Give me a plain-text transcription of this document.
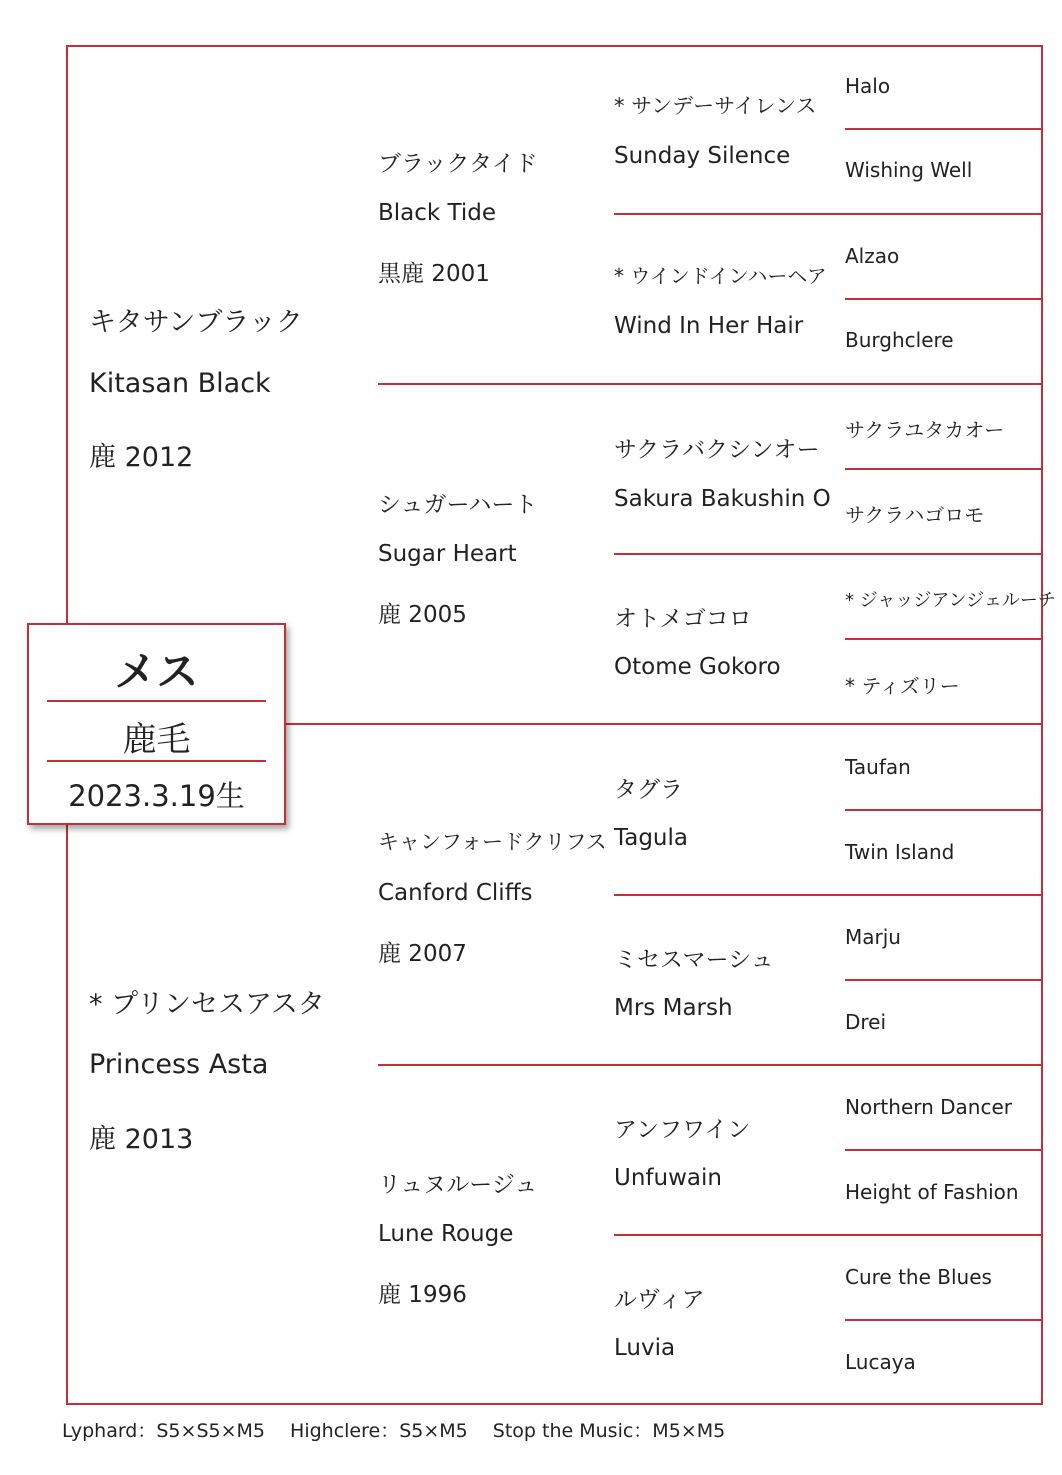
キタサンブラック
Kitasan Black
鹿 2012
* プリンセスアスタ
Princess Asta
鹿 2013
ブラックタイド
Black Tide
黒鹿 2001
シュガーハート
Sugar Heart
鹿 2005
キャンフォードクリフス
Canford Cliffs
鹿 2007
リュヌルージュ
Lune Rouge
鹿 1996
* サンデーサイレンス
Sunday Silence
* ウインドインハーヘア
Wind In Her Hair
サクラバクシンオー
Sakura Bakushin O
オトメゴコロ
Otome Gokoro
タグラ
Tagula
ミセスマーシュ
Mrs Marsh
アンフワイン
Unfuwain
ルヴィア
Luvia
Halo
Wishing Well
Alzao
Burghclere
サクラユタカオー
サクラハゴロモ
* ジャッジアンジェルーチ
* ティズリー
Taufan
Twin Island
Marju
Drei
Northern Dancer
Height of Fashion
Cure the Blues
Lucaya
メス
鹿毛
2023.3.19生
Lyphard：S5×S5×M5　 Highclere：S5×M5　 Stop the Music：M5×M5
